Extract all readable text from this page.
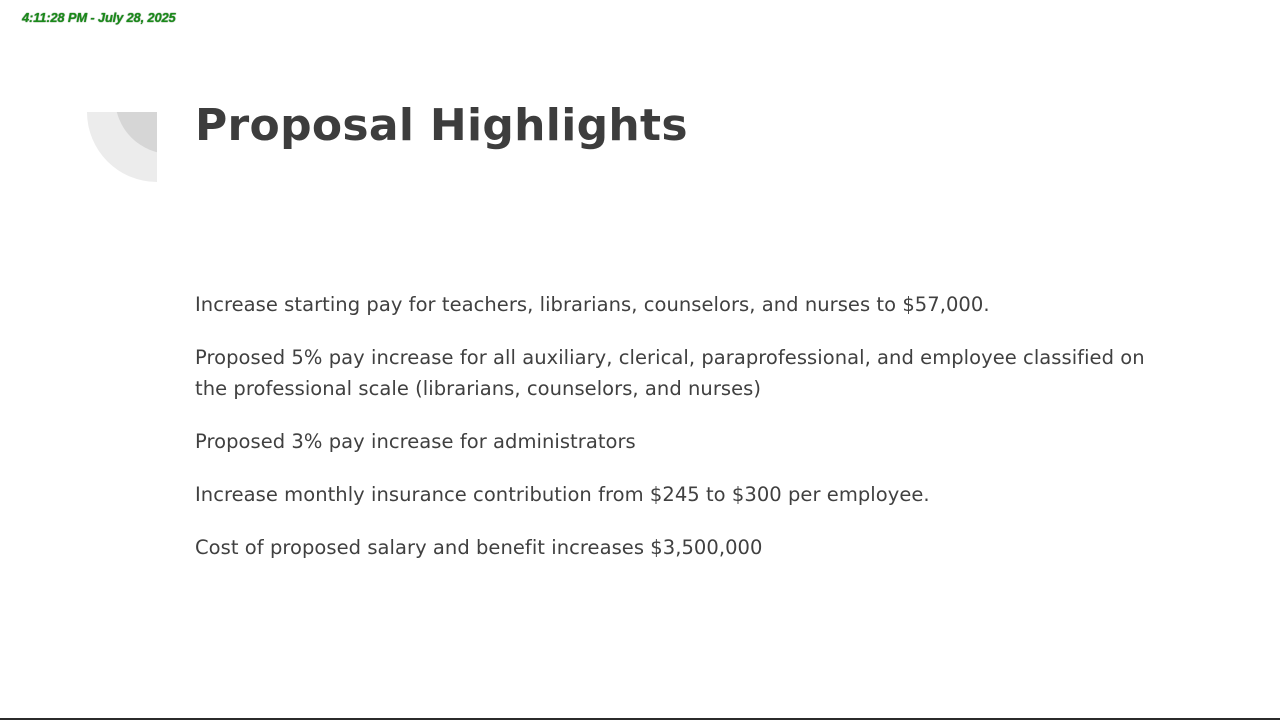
4:11:28 PM - July 28, 2025
Proposal Highlights
Increase starting pay for teachers, librarians, counselors, and nurses to $57,000.
Proposed 5% pay increase for all auxiliary, clerical, paraprofessional, and employee classified on the professional scale (librarians, counselors, and nurses)
Proposed 3% pay increase for administrators
Increase monthly insurance contribution from $245 to $300 per employee.
Cost of proposed salary and benefit increases $3,500,000
